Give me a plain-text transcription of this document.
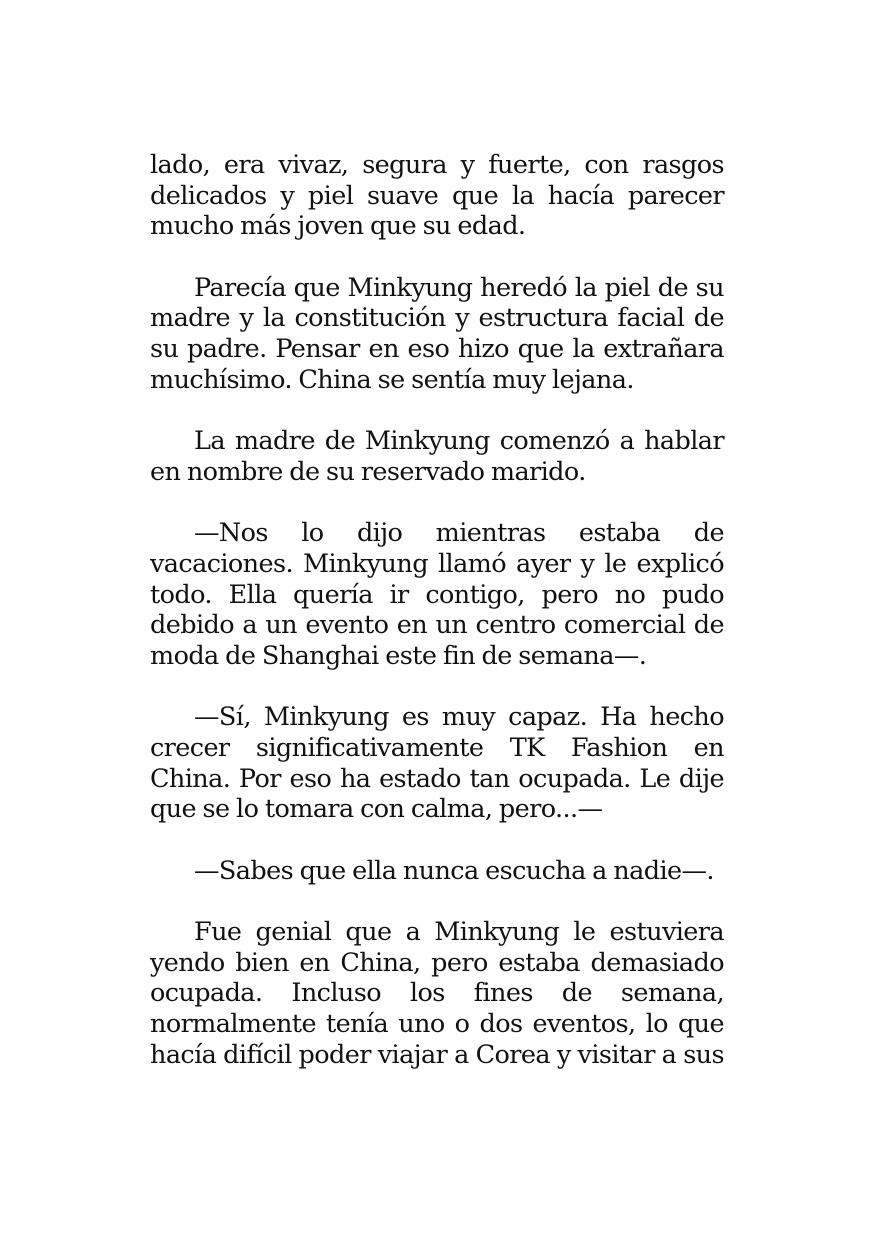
lado, era vivaz, segura y fuerte, con rasgos delicados y piel suave que la hacía parecer mucho más joven que su edad.

Parecía que Minkyung heredó la piel de su madre y la constitución y estructura facial de su padre. Pensar en eso hizo que la extrañara muchísimo. China se sentía muy lejana.

La madre de Minkyung comenzó a hablar en nombre de su reservado marido.

—Nos lo dijo mientras estaba de vacaciones. Minkyung llamó ayer y le explicó todo. Ella quería ir contigo, pero no pudo debido a un evento en un centro comercial de moda de Shanghai este fin de semana—.

—Sí, Minkyung es muy capaz. Ha hecho crecer significativamente TK Fashion en China. Por eso ha estado tan ocupada. Le dije que se lo tomara con calma, pero...—

—Sabes que ella nunca escucha a nadie—.

Fue genial que a Minkyung le estuviera yendo bien en China, pero estaba demasiado ocupada. Incluso los fines de semana, normalmente tenía uno o dos eventos, lo que hacía difícil poder viajar a Corea y visitar a sus
